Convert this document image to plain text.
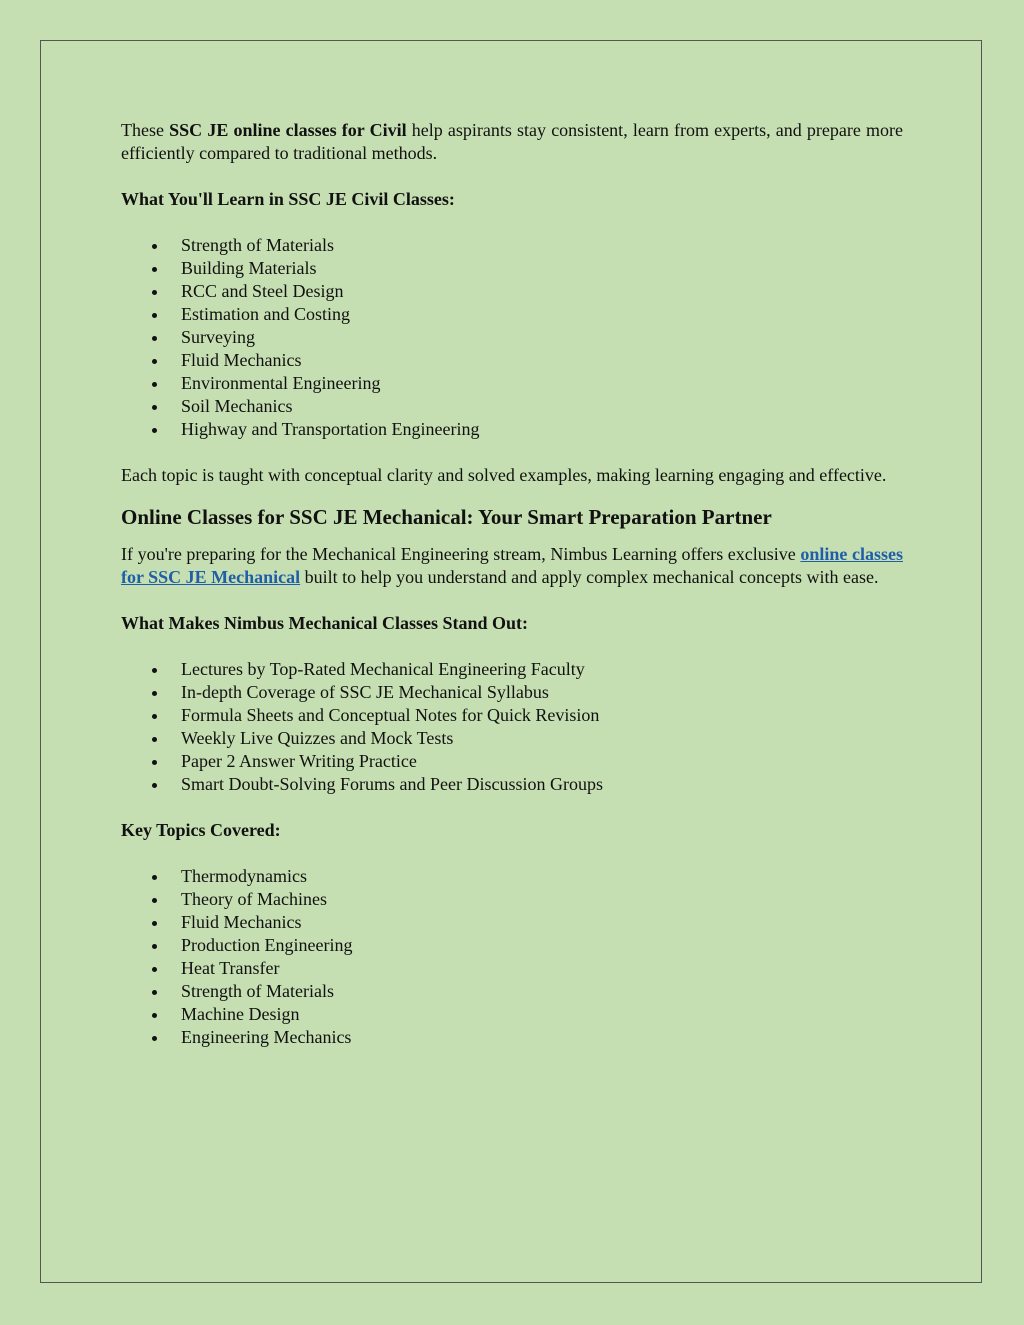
These SSC JE online classes for Civil help aspirants stay consistent, learn from experts, and prepare more efficiently compared to traditional methods.

What You'll Learn in SSC JE Civil Classes:

Strength of Materials
Building Materials
RCC and Steel Design
Estimation and Costing
Surveying
Fluid Mechanics
Environmental Engineering
Soil Mechanics
Highway and Transportation Engineering

Each topic is taught with conceptual clarity and solved examples, making learning engaging and effective.

Online Classes for SSC JE Mechanical: Your Smart Preparation Partner

If you're preparing for the Mechanical Engineering stream, Nimbus Learning offers exclusive online classes for SSC JE Mechanical built to help you understand and apply complex mechanical concepts with ease.

What Makes Nimbus Mechanical Classes Stand Out:

Lectures by Top-Rated Mechanical Engineering Faculty
In-depth Coverage of SSC JE Mechanical Syllabus
Formula Sheets and Conceptual Notes for Quick Revision
Weekly Live Quizzes and Mock Tests
Paper 2 Answer Writing Practice
Smart Doubt-Solving Forums and Peer Discussion Groups

Key Topics Covered:

Thermodynamics
Theory of Machines
Fluid Mechanics
Production Engineering
Heat Transfer
Strength of Materials
Machine Design
Engineering Mechanics
